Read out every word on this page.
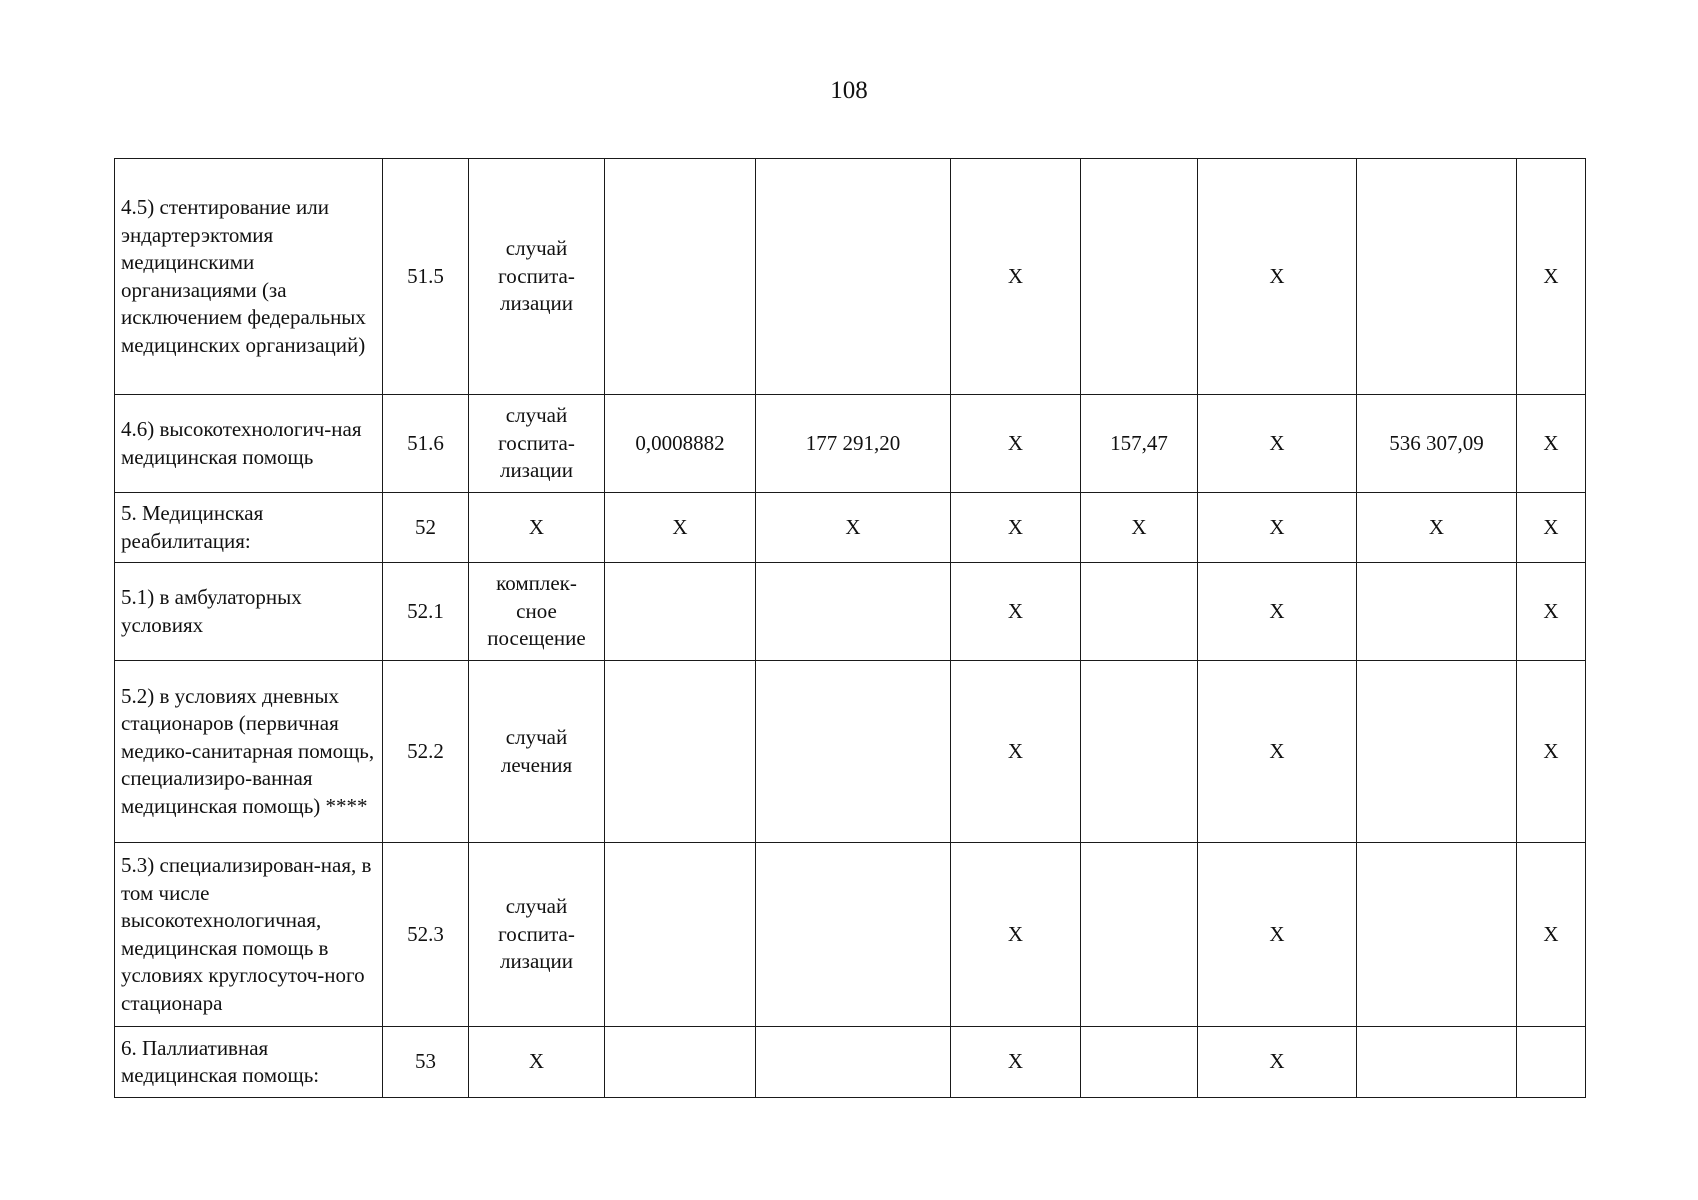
108
4.5) стентирование или эндартерэктомия медицинскими организациями (за исключением федеральных медицинских организаций)	51.5	случай
госпита-
лизации			X		X		X
4.6) высокотехнологич-ная медицинская помощь	51.6	случай
госпита-
лизации	0,0008882	177 291,20	X	157,47	X	536 307,09	X
5. Медицинская реабилитация:	52	X	X	X	X	X	X	X	X
5.1) в амбулаторных условиях	52.1	комплек-
сное
посещение			X		X		X
5.2) в условиях дневных стационаров (первичная медико-санитарная помощь, специализиро-ванная медицинская помощь) ****	52.2	случай
лечения			X		X		X
5.3) специализирован-ная, в том числе высокотехнологичная, медицинская помощь в условиях круглосуточ-ного стационара	52.3	случай
госпита-
лизации			X		X		X
6. Паллиативная медицинская помощь:	53	X			X		X		
